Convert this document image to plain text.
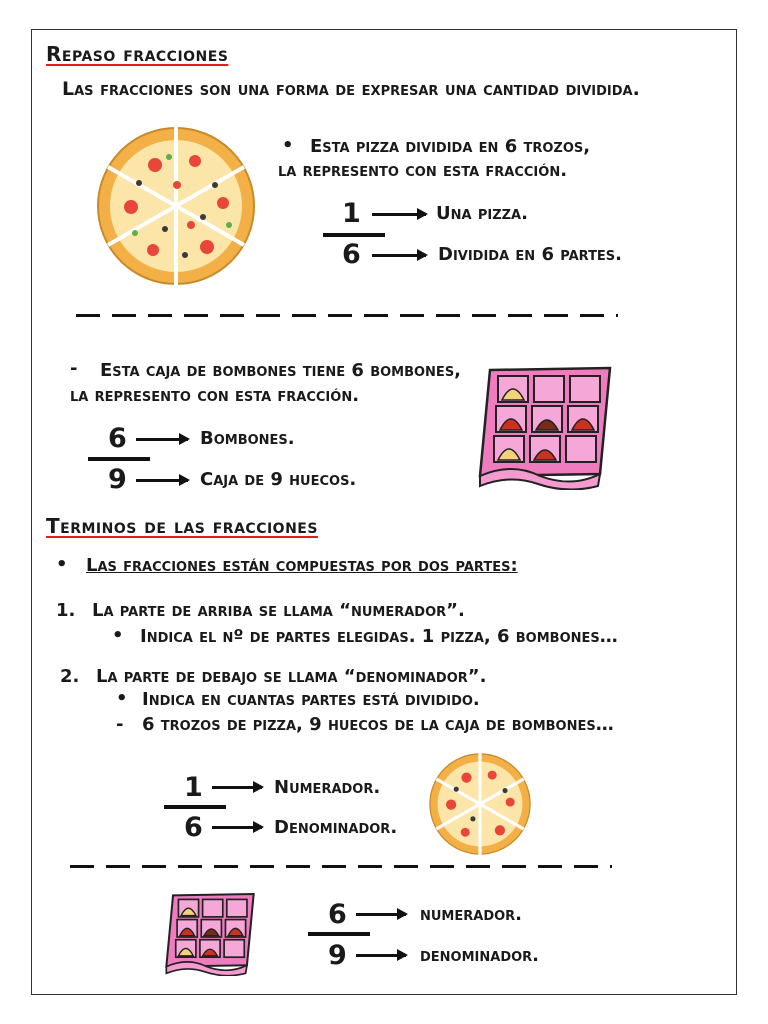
Repaso fracciones
Las fracciones son una forma de expresar una cantidad dividida.
• Esta pizza dividida en 6 trozos,
la represento con esta fracción.
1	Una pizza.
6	Dividida en 6 partes.
- Esta caja de bombones tiene 6 bombones,
la represento con esta fracción.
6	Bombones.
9	Caja de 9 huecos.
Terminos de las fracciones
• Las fracciones están compuestas por dos partes:
1. La parte de arriba se llama “numerador”.
• Indica el nº de partes elegidas. 1 pizza, 6 bombones…
2. La parte de debajo se llama “denominador”.
• Indica en cuantas partes está dividido.
- 6 trozos de pizza, 9 huecos de la caja de bombones…
1	Numerador.
6	Denominador.
6	numerador.
9	denominador.
